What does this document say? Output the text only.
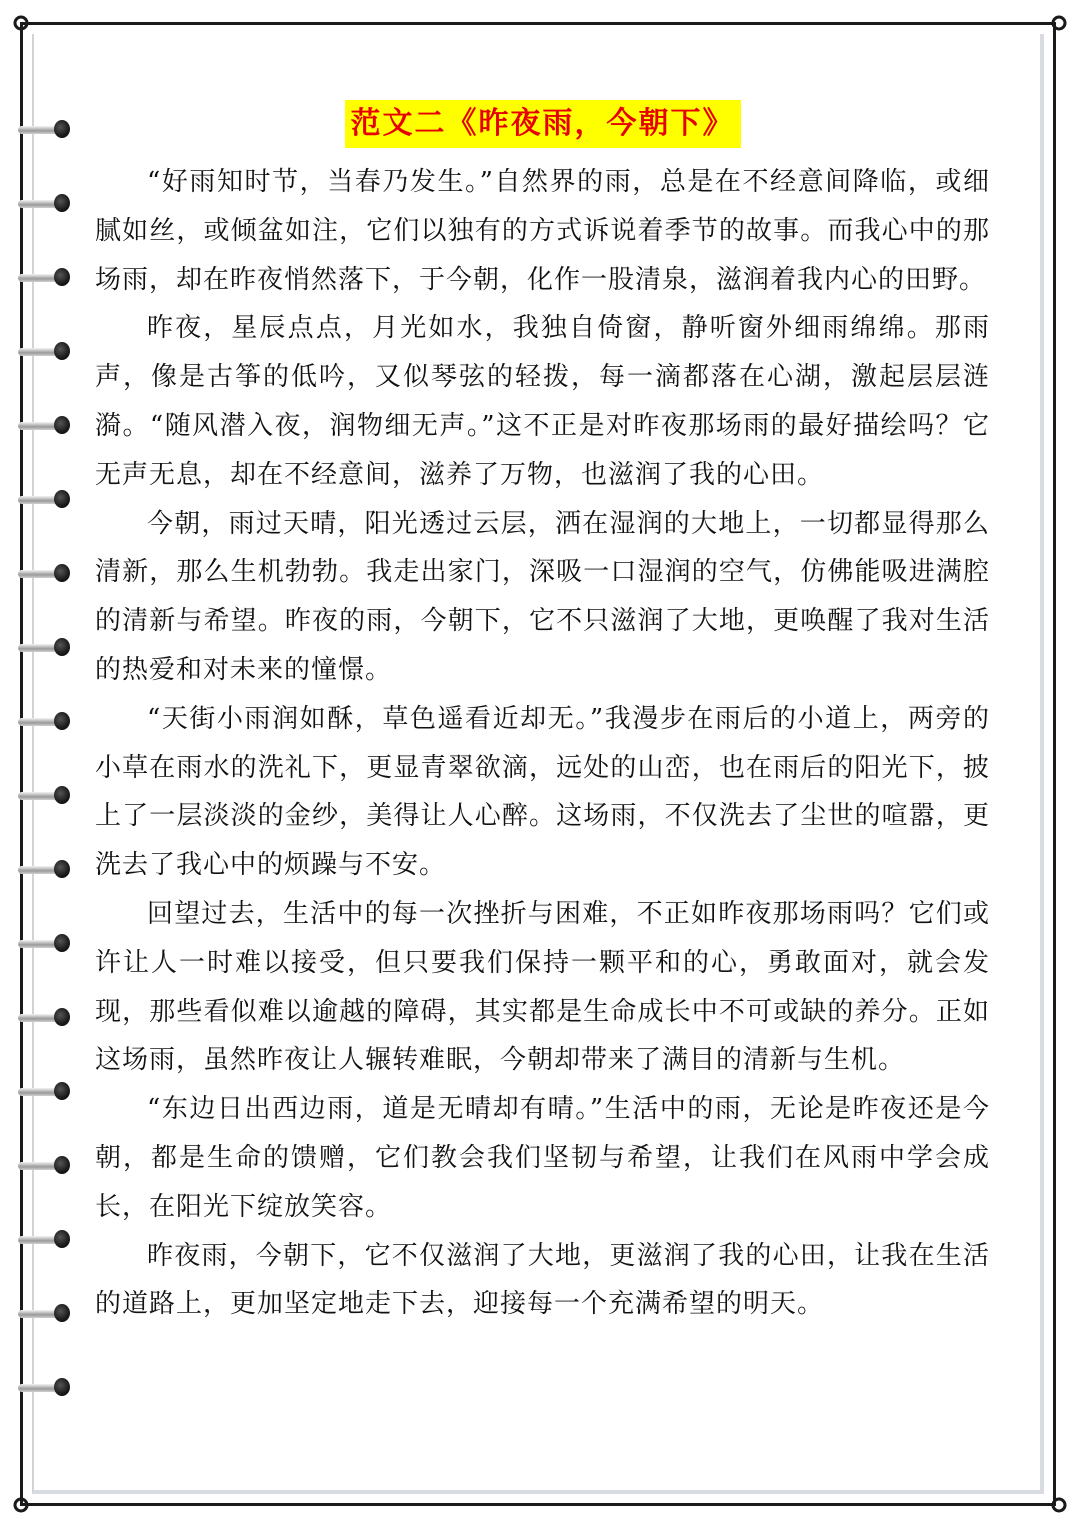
范文二《昨夜雨，今朝下》

“好雨知时节，当春乃发生。”自然界的雨，总是在不经意间降临，或细腻如丝，或倾盆如注，它们以独有的方式诉说着季节的故事。而我心中的那场雨，却在昨夜悄然落下，于今朝，化作一股清泉，滋润着我内心的田野。

昨夜，星辰点点，月光如水，我独自倚窗，静听窗外细雨绵绵。那雨声，像是古筝的低吟，又似琴弦的轻拨，每一滴都落在心湖，激起层层涟漪。“随风潜入夜，润物细无声。”这不正是对昨夜那场雨的最好描绘吗？它无声无息，却在不经意间，滋养了万物，也滋润了我的心田。

今朝，雨过天晴，阳光透过云层，洒在湿润的大地上，一切都显得那么清新，那么生机勃勃。我走出家门，深吸一口湿润的空气，仿佛能吸进满腔的清新与希望。昨夜的雨，今朝下，它不只滋润了大地，更唤醒了我对生活的热爱和对未来的憧憬。

“天街小雨润如酥，草色遥看近却无。”我漫步在雨后的小道上，两旁的小草在雨水的洗礼下，更显青翠欲滴，远处的山峦，也在雨后的阳光下，披上了一层淡淡的金纱，美得让人心醉。这场雨，不仅洗去了尘世的喧嚣，更洗去了我心中的烦躁与不安。

回望过去，生活中的每一次挫折与困难，不正如昨夜那场雨吗？它们或许让人一时难以接受，但只要我们保持一颗平和的心，勇敢面对，就会发现，那些看似难以逾越的障碍，其实都是生命成长中不可或缺的养分。正如这场雨，虽然昨夜让人辗转难眠，今朝却带来了满目的清新与生机。

“东边日出西边雨，道是无晴却有晴。”生活中的雨，无论是昨夜还是今朝，都是生命的馈赠，它们教会我们坚韧与希望，让我们在风雨中学会成长，在阳光下绽放笑容。

昨夜雨，今朝下，它不仅滋润了大地，更滋润了我的心田，让我在生活的道路上，更加坚定地走下去，迎接每一个充满希望的明天。
